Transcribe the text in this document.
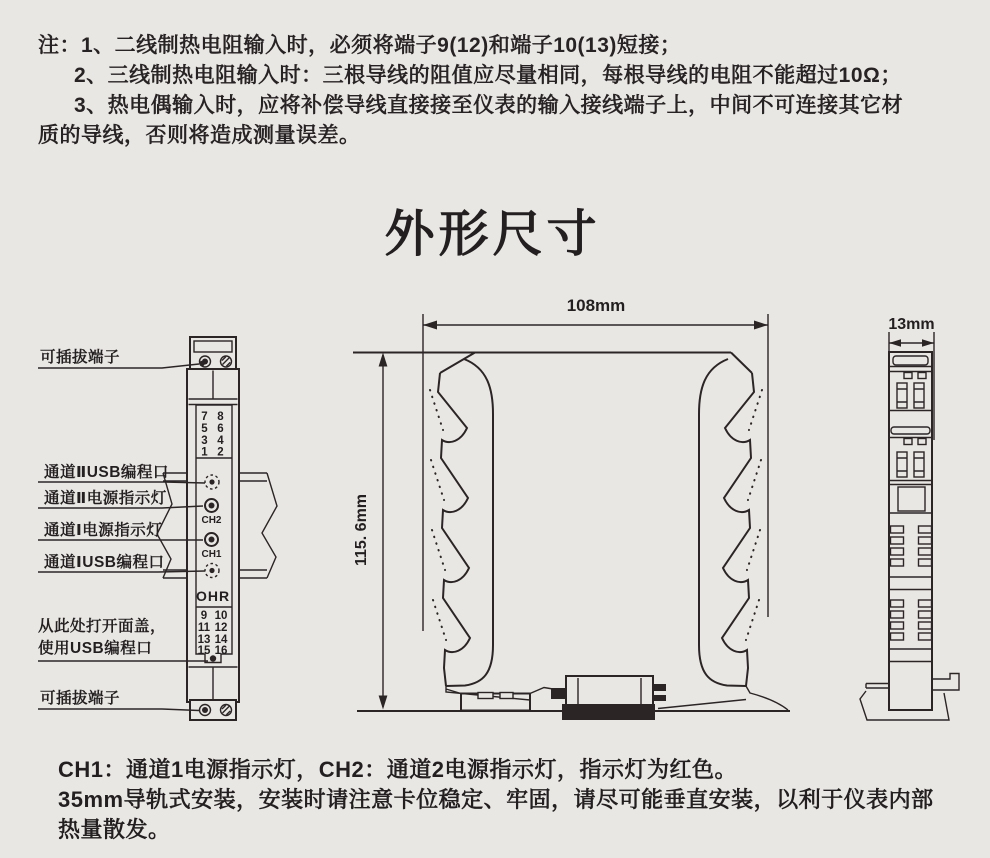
注：1、二线制热电阻输入时，必须将端子9(12)和端子10(13)短接；
2、三线制热电阻输入时：三根导线的阻值应尽量相同，每根导线的电阻不能超过10Ω；
3、热电偶输入时，应将补偿导线直接接至仪表的输入接线端子上，中间不可连接其它材
质的导线，否则将造成测量误差。
外形尺寸
7 8
5 6
3 4
1 2
CH2
CH1
OHR
9 10
11 12
13 14
15 16
可插拔端子
通道ⅡUSB编程口
通道Ⅱ电源指示灯
通道Ⅰ电源指示灯
通道ⅠUSB编程口
从此处打开面盖，
使用USB编程口
可插拔端子
108mm
115. 6mm
13mm
CH1：通道1电源指示灯，CH2：通道2电源指示灯，指示灯为红色。
35mm导轨式安装，安装时请注意卡位稳定、牢固，请尽可能垂直安装，以利于仪表内部
热量散发。
